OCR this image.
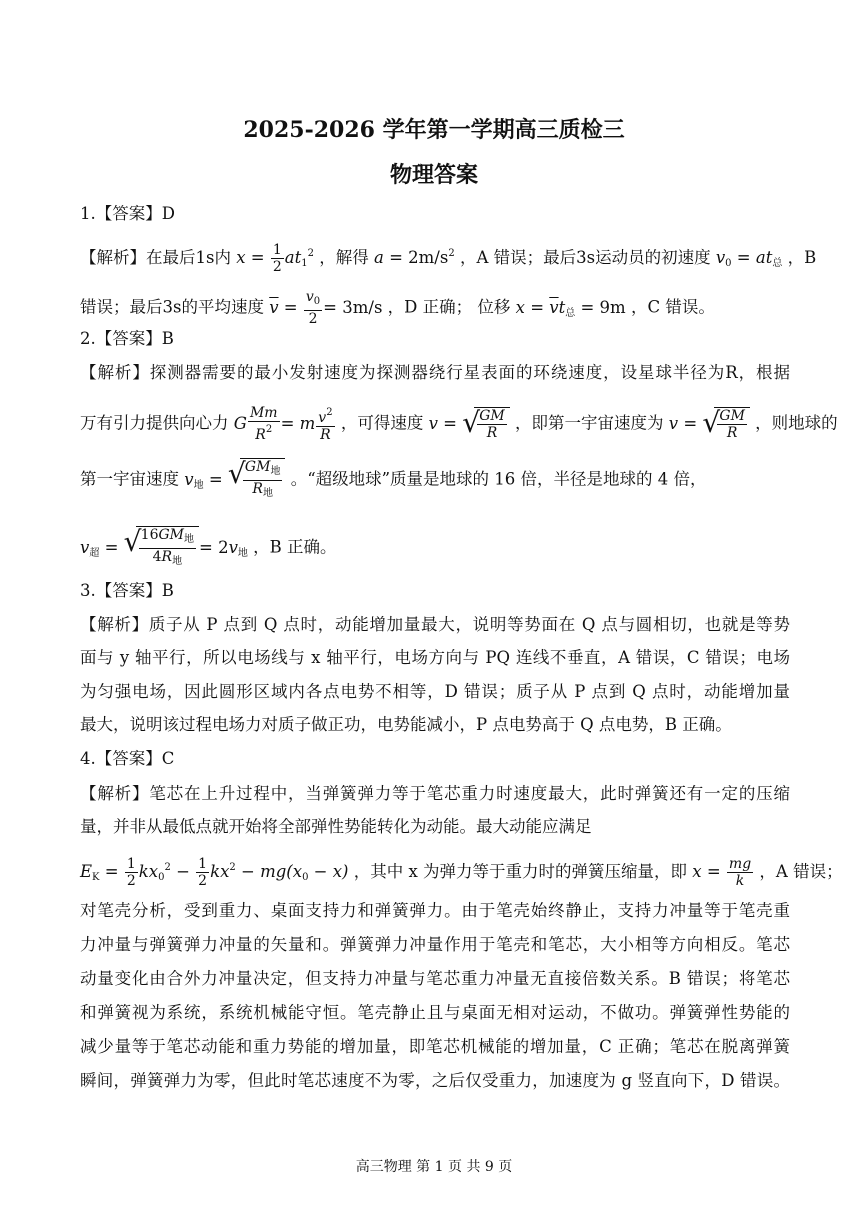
2025-2026 学年第一学期高三质检三
物理答案
1.【答案】D
【解析】在最后1s内 $x = \frac{1}{2} at_1^2$ ，解得 $a = 2m/s^2$ ，A 错误；最后3s运动员的初速度 $v_0 = at_总$ ，B
错误；最后3s的平均速度 $\overline{v} = \frac{v_0}{2} = 3m/s$ ，D 正确； 位移 $x = \overline{v}t_总 = 9m$ ，C 错误。
2.【答案】B
【解析】探测器需要的最小发射速度为探测器绕行星表面的环绕速度，设星球半径为R，根据
万有引力提供向心力 G $\frac{Mm}{R^2} = m \frac{v^2}{R}$ ，可得速度 v = √
$\frac{GM}{R}$ ，即第一宇宙速度为 v = √
$\frac{GM}{R}$ ，则地球的
第一宇宙速度 $v_地$ = √
$\frac{GM_地}{R_地}$ 。“超级地球”质量是地球的 16 倍，半径是地球的 4 倍，
$v_超$ = √
$\frac{16GM_地}{4R_地} = 2v_地$ ，B 正确。
3.【答案】B
【解析】质子从 P 点到 Q 点时，动能增加量最大，说明等势面在 Q 点与圆相切，也就是等势
面与 y 轴平行，所以电场线与 x 轴平行，电场方向与 PQ 连线不垂直，A 错误，C 错误；电场
为匀强电场，因此圆形区域内各点电势不相等，D 错误；质子从 P 点到 Q 点时，动能增加量
最大，说明该过程电场力对质子做正功，电势能减小，P 点电势高于 Q 点电势，B 正确。
4.【答案】C
【解析】笔芯在上升过程中，当弹簧弹力等于笔芯重力时速度最大，此时弹簧还有一定的压缩
量，并非从最低点就开始将全部弹性势能转化为动能。最大动能应满足
$E_K = \frac{1}{2} kx_0^2 - \frac{1}{2} kx^2 - mg(x_0 - x)$ ，其中 x 为弹力等于重力时的弹簧压缩量，即 $x = \frac{mg}{k}$ ，A 错误；
对笔壳分析，受到重力、桌面支持力和弹簧弹力。由于笔壳始终静止，支持力冲量等于笔壳重
力冲量与弹簧弹力冲量的矢量和。弹簧弹力冲量作用于笔壳和笔芯，大小相等方向相反。笔芯
动量变化由合外力冲量决定，但支持力冲量与笔芯重力冲量无直接倍数关系。B 错误；将笔芯
和弹簧视为系统，系统机械能守恒。笔壳静止且与桌面无相对运动，不做功。弹簧弹性势能的
减少量等于笔芯动能和重力势能的增加量，即笔芯机械能的增加量，C 正确；笔芯在脱离弹簧
瞬间，弹簧弹力为零，但此时笔芯速度不为零，之后仅受重力，加速度为 g 竖直向下，D 错误。
高三物理 第 1 页 共 9 页
